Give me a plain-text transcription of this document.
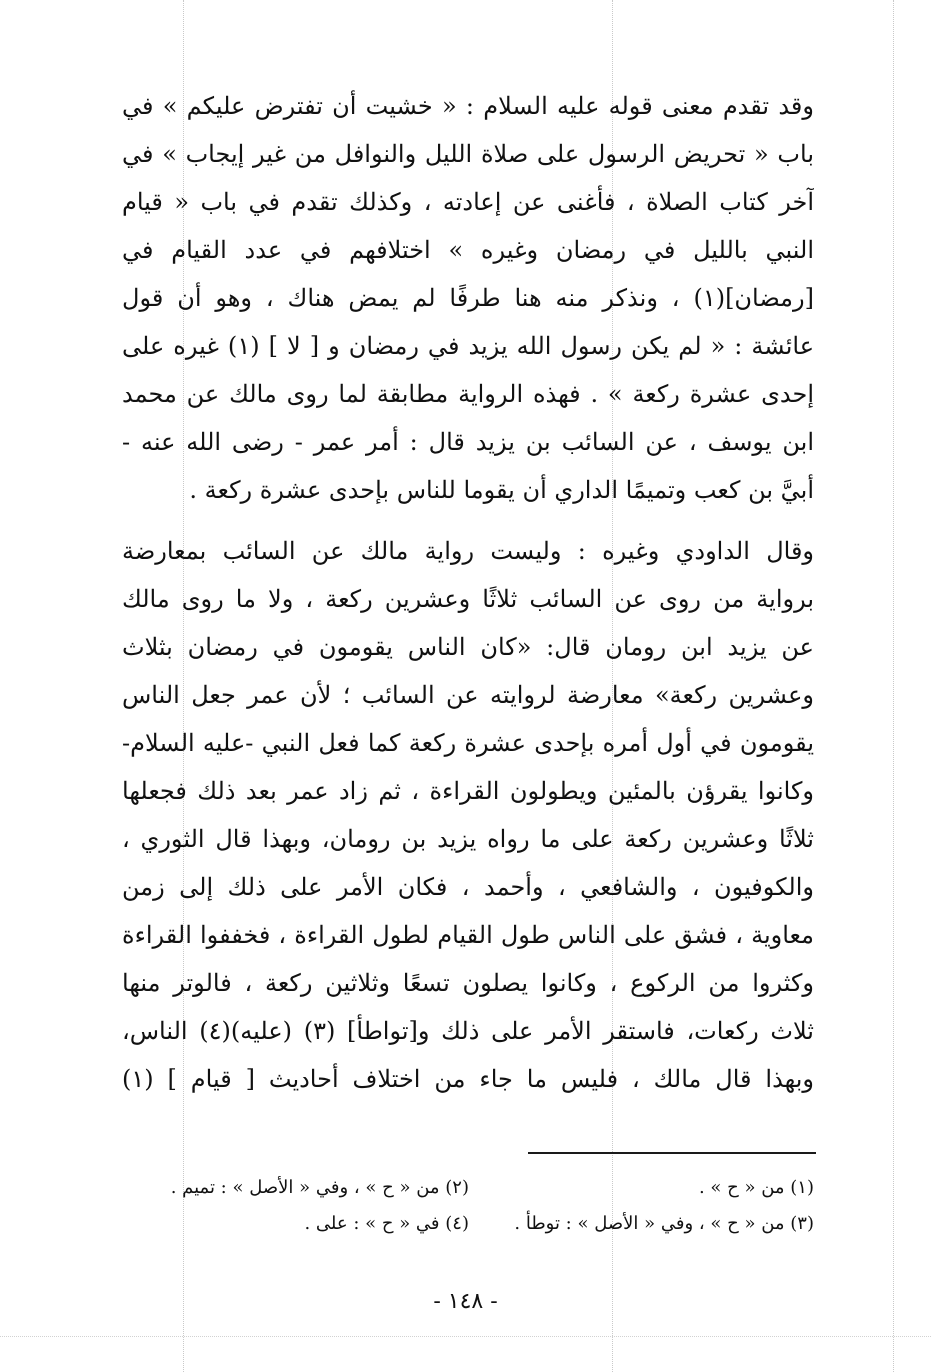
وقد تقدم معنى قوله عليه السلام : « خشيت أن تفترض عليكم » في
باب « تحريض الرسول على صلاة الليل والنوافل من غير إيجاب » في
آخر كتاب الصلاة ، فأغنى عن إعادته ، وكذلك تقدم في باب « قيام
النبي بالليل في رمضان وغيره » اختلافهم في عدد القيام في
[رمضان](١) ، ونذكر منه هنا طرفًا لم يمض هناك ، وهو أن قول
عائشة : « لم يكن رسول الله يزيد في رمضان و [ لا ] (١) غيره على
إحدى عشرة ركعة » . فهذه الرواية مطابقة لما روى مالك عن محمد
ابن يوسف ، عن السائب بن يزيد قال : أمر عمر - رضى الله عنه -
أبيَّ بن كعب وتميمًا الداري أن يقوما للناس بإحدى عشرة ركعة .
وقال الداودي وغيره : وليست رواية مالك عن السائب بمعارضة
برواية من روى عن السائب ثلاثًا وعشرين ركعة ، ولا ما روى مالك
عن يزيد ابن رومان قال: «كان الناس يقومون في رمضان بثلاث
وعشرين ركعة» معارضة لروايته عن السائب ؛ لأن عمر جعل الناس
يقومون في أول أمره بإحدى عشرة ركعة كما فعل النبي -عليه السلام-
وكانوا يقرؤن بالمئين ويطولون القراءة ، ثم زاد عمر بعد ذلك فجعلها
ثلاثًا وعشرين ركعة على ما رواه يزيد بن رومان، وبهذا قال الثوري ،
والكوفيون ، والشافعي ، وأحمد ، فكان الأمر على ذلك إلى زمن
معاوية ، فشق على الناس طول القيام لطول القراءة ، فخففوا القراءة
وكثروا من الركوع ، وكانوا يصلون تسعًا وثلاثين ركعة ، فالوتر منها
ثلاث ركعات، فاستقر الأمر على ذلك و[تواطأ] (٣) (عليه)(٤) الناس،
وبهذا قال مالك ، فليس ما جاء من اختلاف أحاديث [ قيام ] (١)
(١) من « ح » .
(٢) من « ح » ، وفي « الأصل » : تميم .
(٣) من « ح » ، وفي « الأصل » : توطأ .
(٤) في « ح » : على .
- ١٤٨ -
